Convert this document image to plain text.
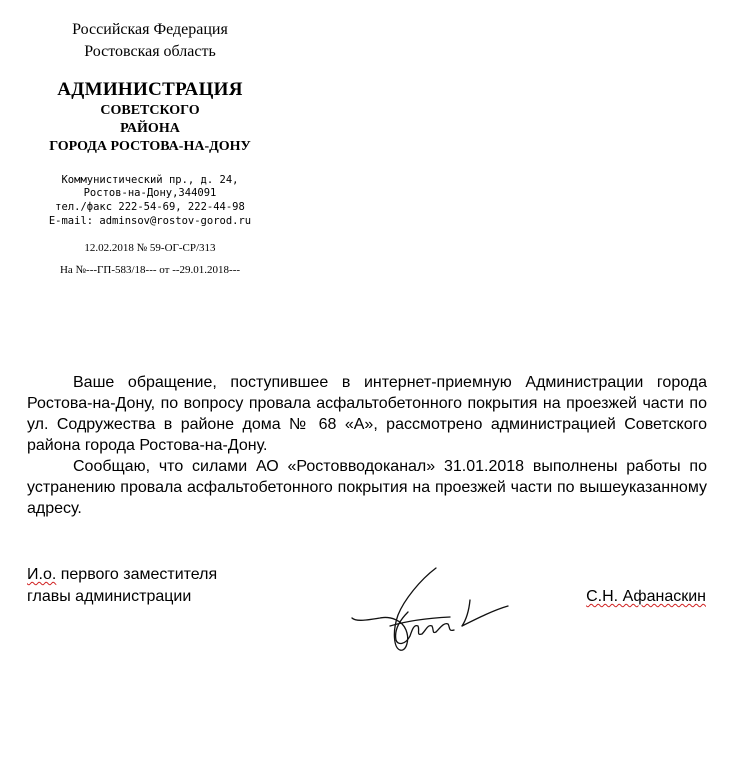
Российская Федерация
Ростовская область
АДМИНИСТРАЦИЯ
СОВЕТСКОГО
РАЙОНА
ГОРОДА РОСТОВА-НА-ДОНУ
Коммунистический пр., д. 24,
Ростов-на-Дону,344091
тел./факс 222-54-69, 222-44-98
E-mail: adminsov@rostov-gorod.ru
12.02.2018 № 59-ОГ-СР/313
На №---ГП-583/18--- от --29.01.2018---

Ваше обращение, поступившее в интернет-приемную Администрации города Ростова-на-Дону, по вопросу провала асфальтобетонного покрытия на проезжей части по ул. Содружества в районе дома № 68 «А», рассмотрено администрацией Советского района города Ростова-на-Дону.

Сообщаю, что силами АО «Ростовводоканал» 31.01.2018 выполнены работы по устранению провала асфальтобетонного покрытия на проезжей части по вышеуказанному адресу.

И.о. первого заместителя
главы администрации	С.Н. Афанаскин
